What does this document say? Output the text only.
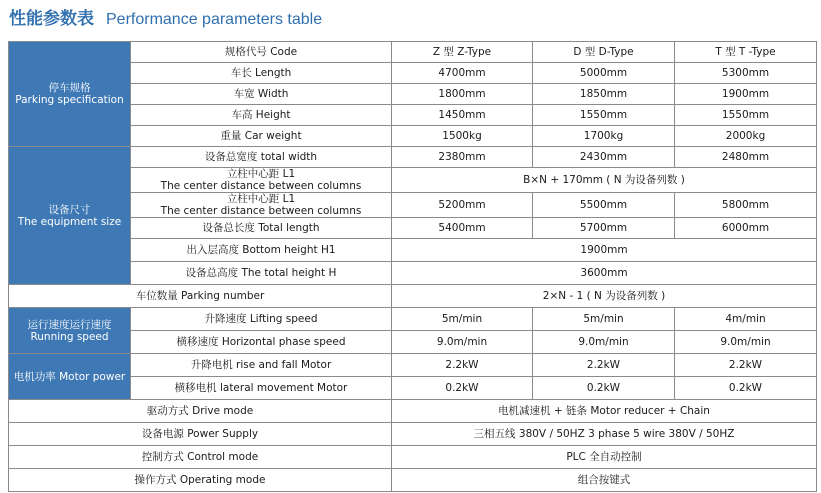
性能参数表 Performance parameters table
停车规格
Parking specification	规格代号 Code	Z 型 Z-Type	D 型 D-Type	T 型 T -Type
	车长 Length	4700mm	5000mm	5300mm
	车宽 Width	1800mm	1850mm	1900mm
	车高 Height	1450mm	1550mm	1550mm
	重量 Car weight	1500kg	1700kg	2000kg

设备尺寸
The equipment size	设备总宽度 total width	2380mm	2430mm	2480mm

	立柱中心距 L1
The center distance between columns	B×N + 170mm ( N 为设备列数 )		

	立柱中心距 L1
The center distance between columns	5200mm	5500mm	5800mm
	设备总长度 Total length	5400mm	5700mm	6000mm
	出入层高度 Bottom height H1	1900mm		
	设备总高度 The total height H	3600mm		
车位数量 Parking number		2×N - 1 ( N 为设备列数 )		

运行速度运行速度
Running speed	升降速度 Lifting speed	5m/min	5m/min	4m/min
	横移速度 Horizontal phase speed	9.0m/min	9.0m/min	9.0m/min
电机功率 Motor power	升降电机 rise and fall Motor	2.2kW	2.2kW	2.2kW
	横移电机 lateral movement Motor	0.2kW	0.2kW	0.2kW
驱动方式 Drive mode		电机减速机 + 链条 Motor reducer + Chain		
设备电源 Power Supply		三相五线 380V / 50HZ 3 phase 5 wire 380V / 50HZ		
控制方式 Control mode		PLC 全自动控制		
操作方式 Operating mode		组合按键式		
